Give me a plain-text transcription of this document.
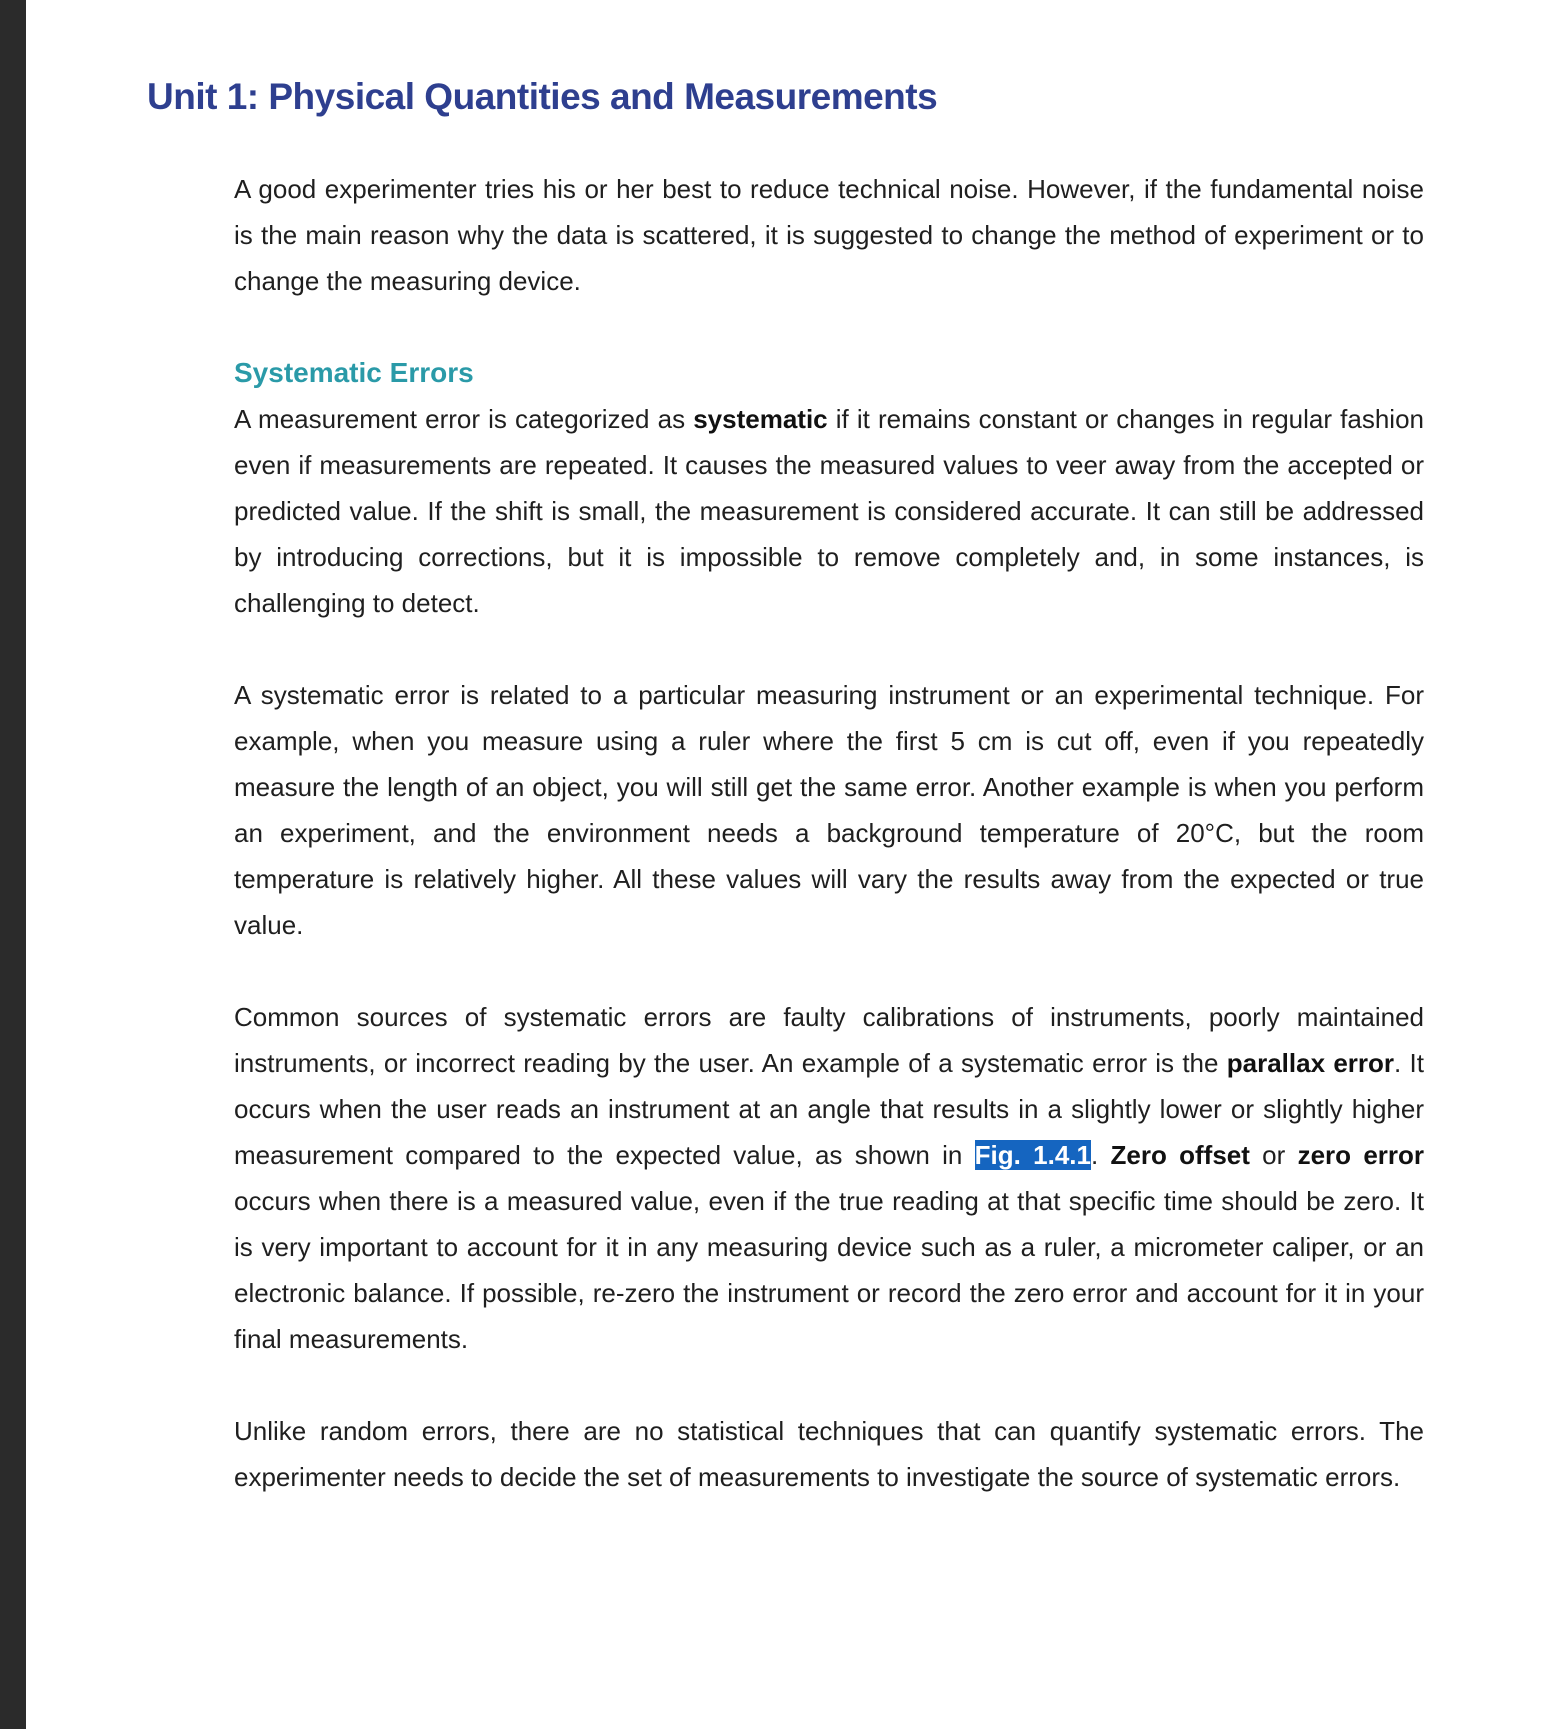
Unit 1: Physical Quantities and Measurements

A good experimenter tries his or her best to reduce technical noise. However, if the fundamental noise is the main reason why the data is scattered, it is suggested to change the method of experiment or to change the measuring device.

Systematic Errors

A measurement error is categorized as systematic if it remains constant or changes in regular fashion even if measurements are repeated. It causes the measured values to veer away from the accepted or predicted value. If the shift is small, the measurement is considered accurate. It can still be addressed by introducing corrections, but it is impossible to remove completely and, in some instances, is challenging to detect.

A systematic error is related to a particular measuring instrument or an experimental technique. For example, when you measure using a ruler where the first 5 cm is cut off, even if you repeatedly measure the length of an object, you will still get the same error. Another example is when you perform an experiment, and the environment needs a background temperature of 20°C, but the room temperature is relatively higher. All these values will vary the results away from the expected or true value.

Common sources of systematic errors are faulty calibrations of instruments, poorly maintained instruments, or incorrect reading by the user. An example of a systematic error is the parallax error. It occurs when the user reads an instrument at an angle that results in a slightly lower or slightly higher measurement compared to the expected value, as shown in Fig. 1.4.1. Zero offset or zero error occurs when there is a measured value, even if the true reading at that specific time should be zero. It is very important to account for it in any measuring device such as a ruler, a micrometer caliper, or an electronic balance. If possible, re-zero the instrument or record the zero error and account for it in your final measurements.

Unlike random errors, there are no statistical techniques that can quantify systematic errors. The experimenter needs to decide the set of measurements to investigate the source of systematic errors.
